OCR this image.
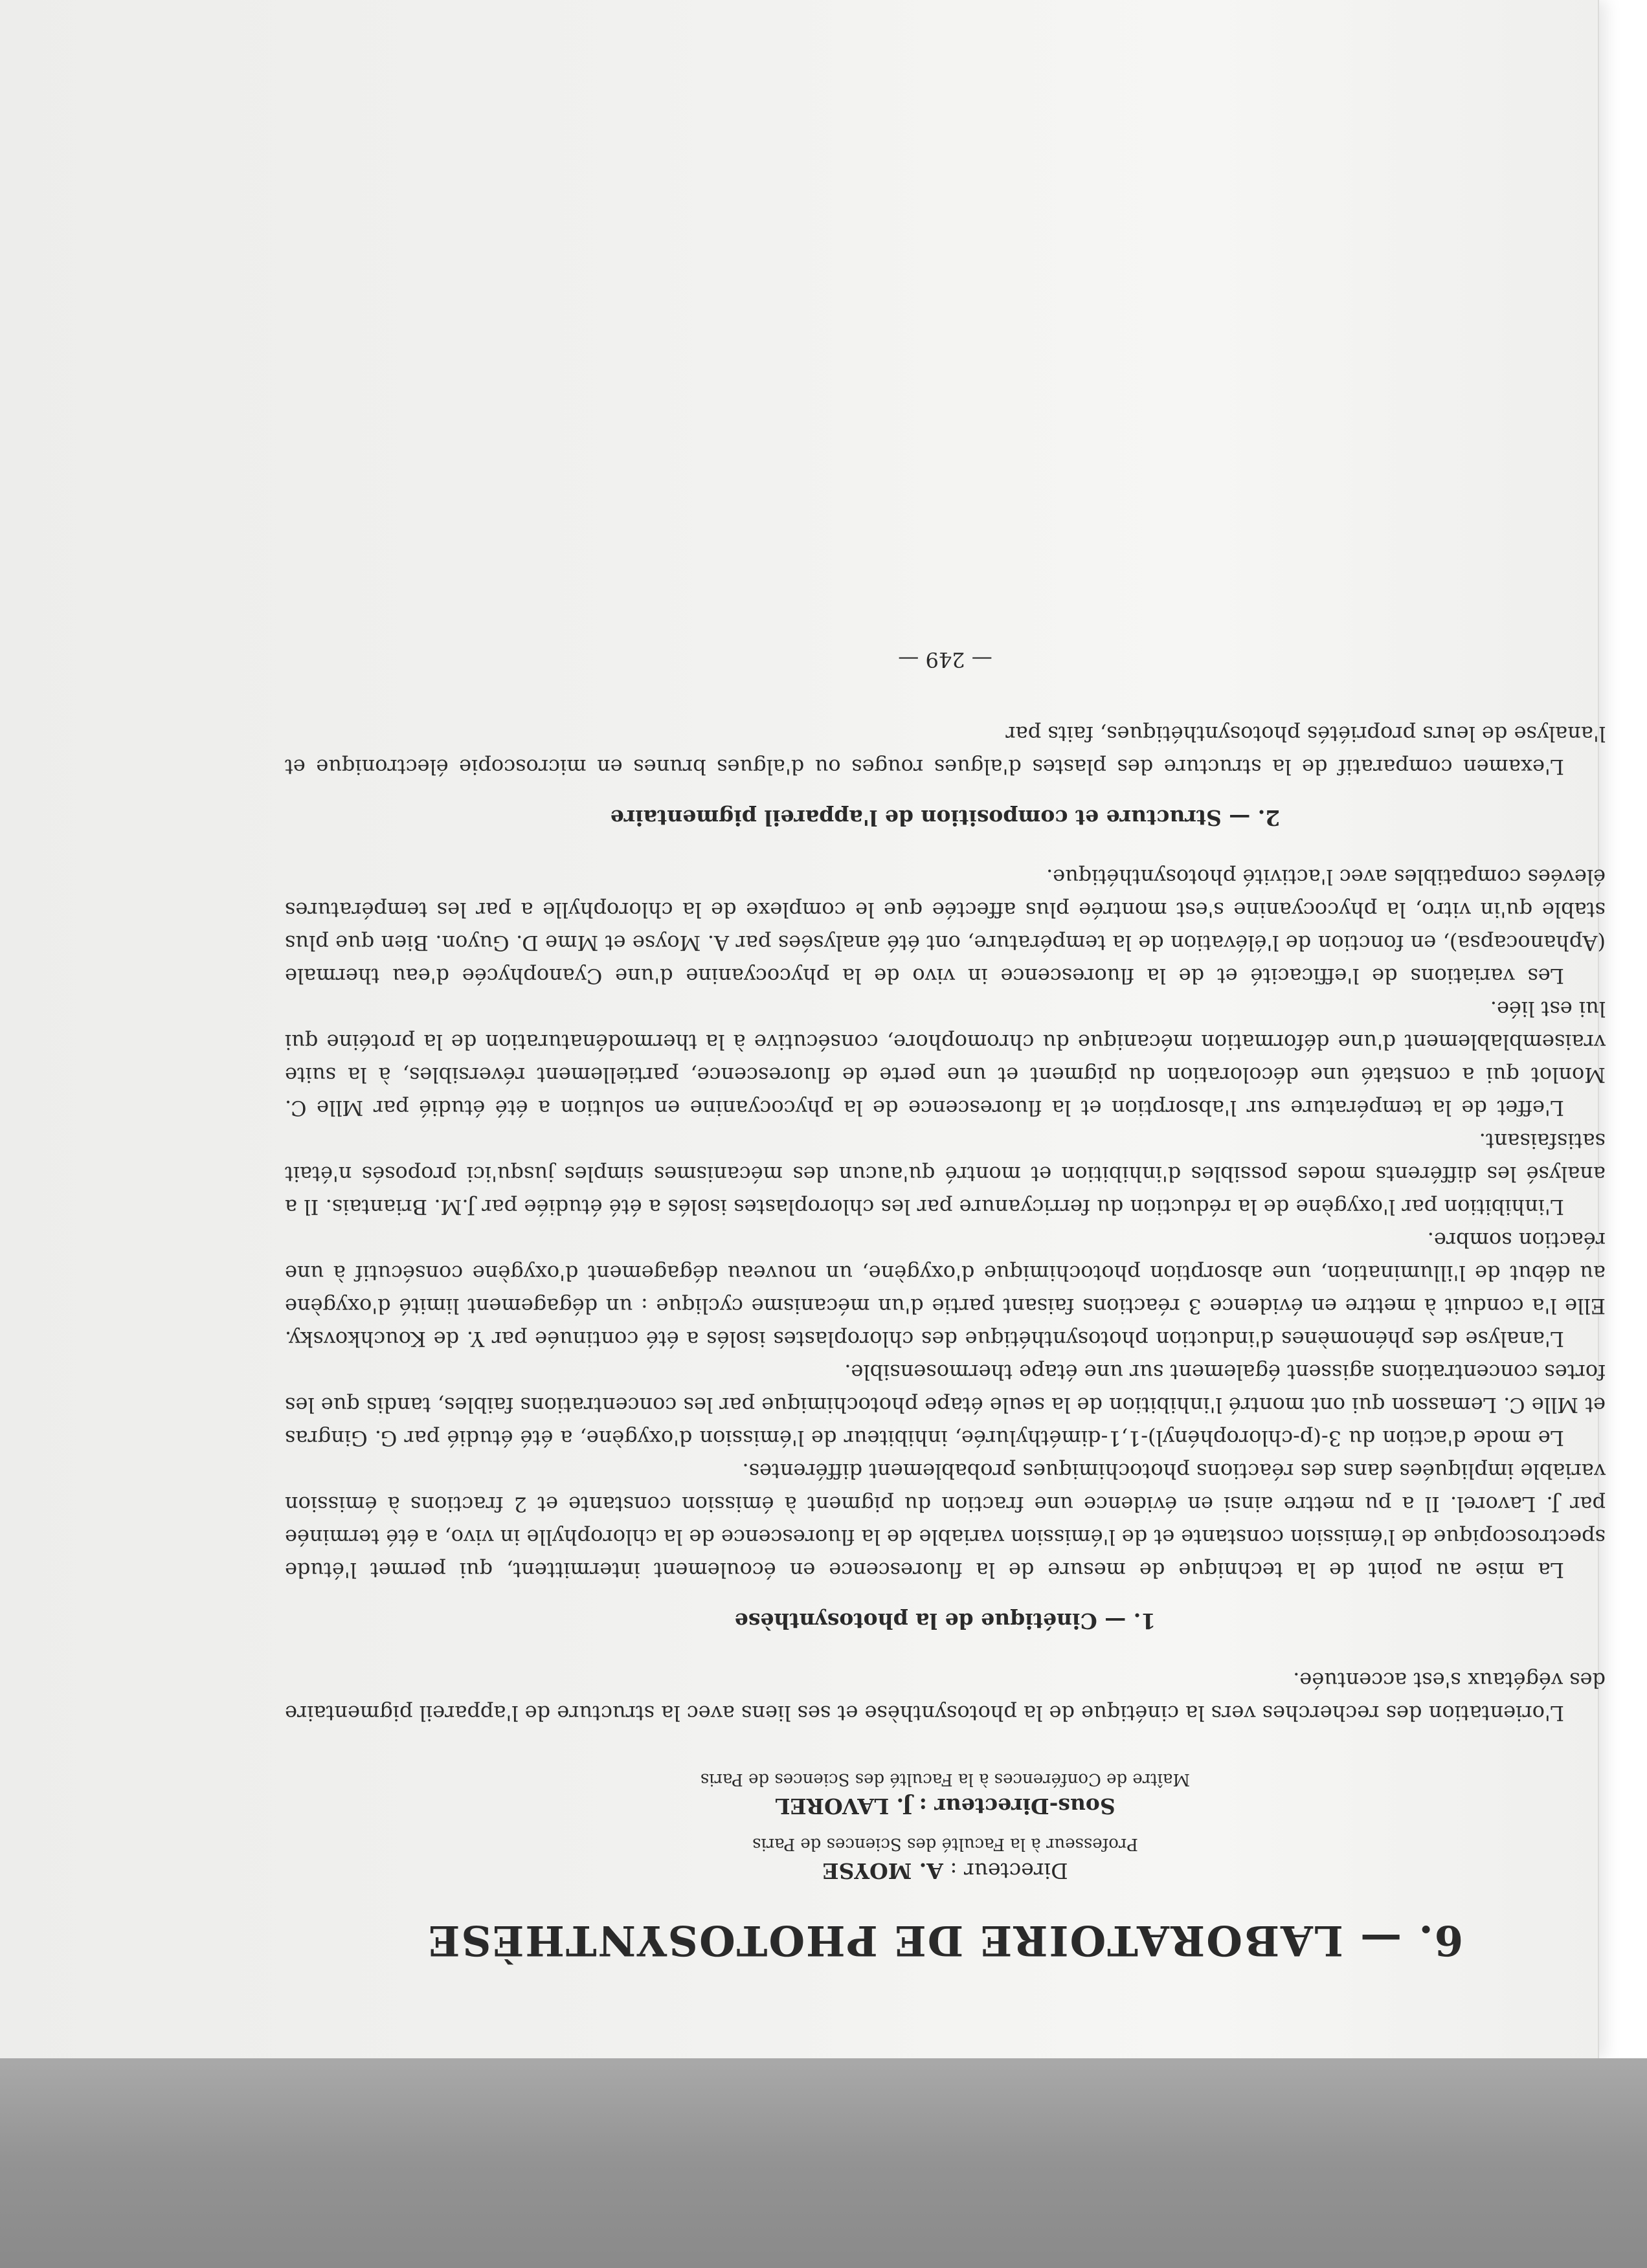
6. — LABORATOIRE DE PHOTOSYNTHÈSE
Directeur : A. MOYSE
Professeur à la Faculté des Sciences de Paris
Sous-Directeur : J. LAVOREL
Maître de Conférences à la Faculté des Sciences de Paris

L'orientation des recherches vers la cinétique de la photosynthèse et ses liens avec la structure de l'appareil pigmentaire des végétaux s'est accentuée.

1. — Cinétique de la photosynthèse

La mise au point de la technique de mesure de la fluorescence en écoulement intermittent, qui permet l'étude spectroscopique de l'émission constante et de l'émission variable de la fluorescence de la chlorophylle in vivo, a été terminée par J. Lavorel. Il a pu mettre ainsi en évidence une fraction du pigment à émission constante et 2 fractions à émission variable impliquées dans des réactions photochimiques probablement différentes.

Le mode d'action du 3-(p-chlorophényl)-1,1-diméthylurée, inhibiteur de l'émission d'oxygène, a été étudié par G. Gingras et Mlle C. Lemasson qui ont montré l'inhibition de la seule étape photochimique par les concentrations faibles, tandis que les fortes concentrations agissent également sur une étape thermosensible.

L'analyse des phénomènes d'induction photosynthétique des chloroplastes isolés a été continuée par Y. de Kouchkovsky. Elle l'a conduit à mettre en évidence 3 réactions faisant partie d'un mécanisme cyclique : un dégagement limité d'oxygène au début de l'illumination, une absorption photochimique d'oxygène, un nouveau dégagement d'oxygène consécutif à une réaction sombre.

L'inhibition par l'oxygène de la réduction du ferricyanure par les chloroplastes isolés a été étudiée par J.M. Briantais. Il a analysé les différents modes possibles d'inhibition et montré qu'aucun des mécanismes simples jusqu'ici proposés n'était satisfaisant.

L'effet de la température sur l'absorption et la fluorescence de la phycocyanine en solution a été étudié par Mlle C. Monlot qui a constaté une décoloration du pigment et une perte de fluorescence, partiellement réversibles, à la suite vraisemblablement d'une déformation mécanique du chromophore, consécutive à la thermodénaturation de la protéine qui lui est liée.

Les variations de l'efficacité et de la fluorescence in vivo de la phycocyanine d'une Cyanophycée d'eau thermale (Aphanocapsa), en fonction de l'élévation de la température, ont été analysées par A. Moyse et Mme D. Guyon. Bien que plus stable qu'in vitro, la phycocyanine s'est montrée plus affectée que le complexe de la chlorophylle a par les températures élevées compatibles avec l'activité photosynthétique.

2. — Structure et composition de l'appareil pigmentaire

L'examen comparatif de la structure des plastes d'algues rouges ou d'algues brunes en microscopie électronique et l'analyse de leurs propriétés photosynthétiques, faits par

— 249 —
